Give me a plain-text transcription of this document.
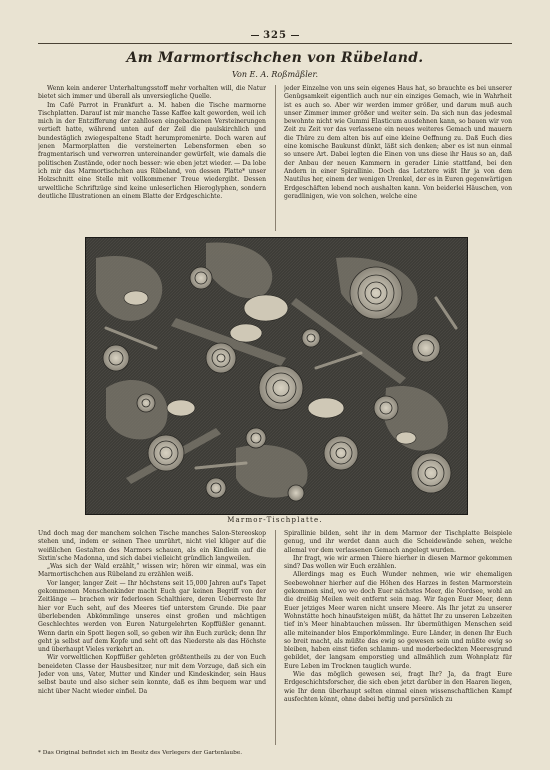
325
Am Marmortischchen von Rübeland.
Von E. A. Roßmäßler.

Wenn kein anderer Unterhaltungsstoff mehr vorhalten will, die Natur bietet sich immer und überall als unversiegliche Quelle.

Im Café Parrot in Frankfurt a. M. haben die Tische marmorne Tischplatten. Darauf ist mir manche Tasse Kaffee kalt geworden, weil ich mich in der Entzifferung der zahllosen eingebackenen Versteinerungen vertieft hatte, während unten auf der Zeil die paulskirchlich und bundestäglich zwiegespaltene Stadt herumpromenirte. Doch waren auf jenen Marmorplatten die versteinerten Lebensformen eben so fragmentarisch und verworren untereinander gewürfelt, wie damals die politischen Zustände, oder noch besser: wie eben jetzt wieder. — Da lobe ich mir das Marmortischchen aus Rübeland, von dessen Platte* unser Holzschnitt eine Stelle mit vollkommener Treue wiedergibt. Dessen urweltliche Schriftzüge sind keine unleserlichen Hieroglyphen, sondern deutliche Illustrationen an einem Blatte der Erdgeschichte.

jeder Einzelne von uns sein eigenes Haus hat, so brauchte es bei unserer Genügsamkeit eigentlich auch nur ein einziges Gemach, wie in Wahrheit ist es auch so. Aber wir werden immer größer, und darum muß auch unser Zimmer immer größer und weiter sein. Da sich nun das jedesmal bewohnte nicht wie Gummi Elasticum ausdehnen kann, so bauen wir von Zeit zu Zeit vor das verlassene ein neues weiteres Gemach und mauern die Thüre zu dem alten bis auf eine kleine Oeffnung zu. Daß Euch dies eine komische Baukunst dünkt, läßt sich denken; aber es ist nun einmal so unsere Art. Dabei legten die Einen von uns diese ihr Haus so an, daß der Anbau der neuen Kammern in gerader Linie stattfand, bei den Andern in einer Spirallinie. Doch das Letztere wißt Ihr ja von dem Nautilus her, einem der wenigen Urenkel, der es in Euren gegenwärtigen Erdgeschäften lebend noch aushalten kann. Von beiderlei Häuschen, von geradlinigen, wie von solchen, welche eine

Marmor-Tischplatte.

Und doch mag der manchem solchen Tische manches Salon-Stereoskop stehen und, indem er seinen Thee umrührt, nicht viel klüger auf die weißlichen Gestalten des Marmors schauen, als ein Kindlein auf die Sixtin'sche Madonna, und sich dabei vielleicht gründlich langweilen.

„Was sich der Wald erzählt,“ wissen wir; hören wir einmal, was ein Marmortischchen aus Rübeland zu erzählen weiß.

Vor langer, langer Zeit — Ihr höchstens seit 15,000 Jahren auf's Tapet gekommenen Menschenkinder macht Euch gar keinen Begriff von der Zeitlänge — brachen wir federlosen Schalthiere, deren Ueberreste Ihr hier vor Euch seht, auf des Meeres tief unterstem Grunde. Die paar überlebenden Abkömmlinge unseres einst großen und mächtigen Geschlechtes werden von Euren Naturgelehrten Kopffüßler genannt. Wenn darin ein Spott liegen soll, so geben wir ihn Euch zurück; denn Ihr geht ja selbst auf dem Kopfe und seht oft das Niederste als das Höchste und überhaupt Vieles verkehrt an.

Wir vorweltlichen Kopffüßer gehörten größtentheils zu der von Euch beneideten Classe der Hausbesitzer, nur mit dem Vorzuge, daß sich ein Jeder von uns, Vater, Mutter und Kinder und Kindeskinder, sein Haus selbst baute und also sicher sein konnte, daß es ihm bequem war und nicht über Nacht wieder einfiel. Da

Spirallinie bilden, seht ihr in dem Marmor der Tischplatte Beispiele genug, und ihr werdet dann auch die Scheidewände sehen, welche allemal vor dem verlassenen Gemach angelegt wurden.

Ihr fragt, wie wir armen Thiere hierher in diesen Marmor gekommen sind? Das wollen wir Euch erzählen.

Allerdings mag es Euch Wunder nehmen, wie wir ehemaligen Seebewohner hierher auf die Höhen des Harzes in festen Marmorstein gekommen sind, wo wo doch Euer nächstes Meer, die Nordsee, wohl an die dreißig Meilen weit entfernt sein mag. Wir fagen Euer Meer, denn Euer jetziges Meer waren nicht unsere Meere. Als Ihr jetzt zu unserer Wohnstätte hoch hinaufsteigen müßt, da hättet Ihr zu unseren Lebzeiten tief in's Meer hinabtauchen müssen. Ihr übermüthigen Menschen seid alle miteinander blos Emporkömmlinge. Eure Länder, in denen Ihr Euch so breit macht, als müßte das ewig so gewesen sein und müßte ewig so bleiben, haben einst tiefen schlamm- und moderbedeckten Meeresgrund gebildet, der langsam emporstieg und allmählich zum Wohnplatz für Eure Leben im Trocknen tauglich wurde.

Wie das möglich gewesen sei, fragt Ihr? Ja, da fragt Eure Erdgeschichtsforscher, die sich eben jetzt darüber in den Haaren liegen, wie Ihr denn überhaupt selten einmal einen wissenschaftlichen Kampf ausfechten könnt, ohne dabei heftig und persönlich zu

* Das Original befindet sich im Besitz des Verlegers der Gartenlaube.
